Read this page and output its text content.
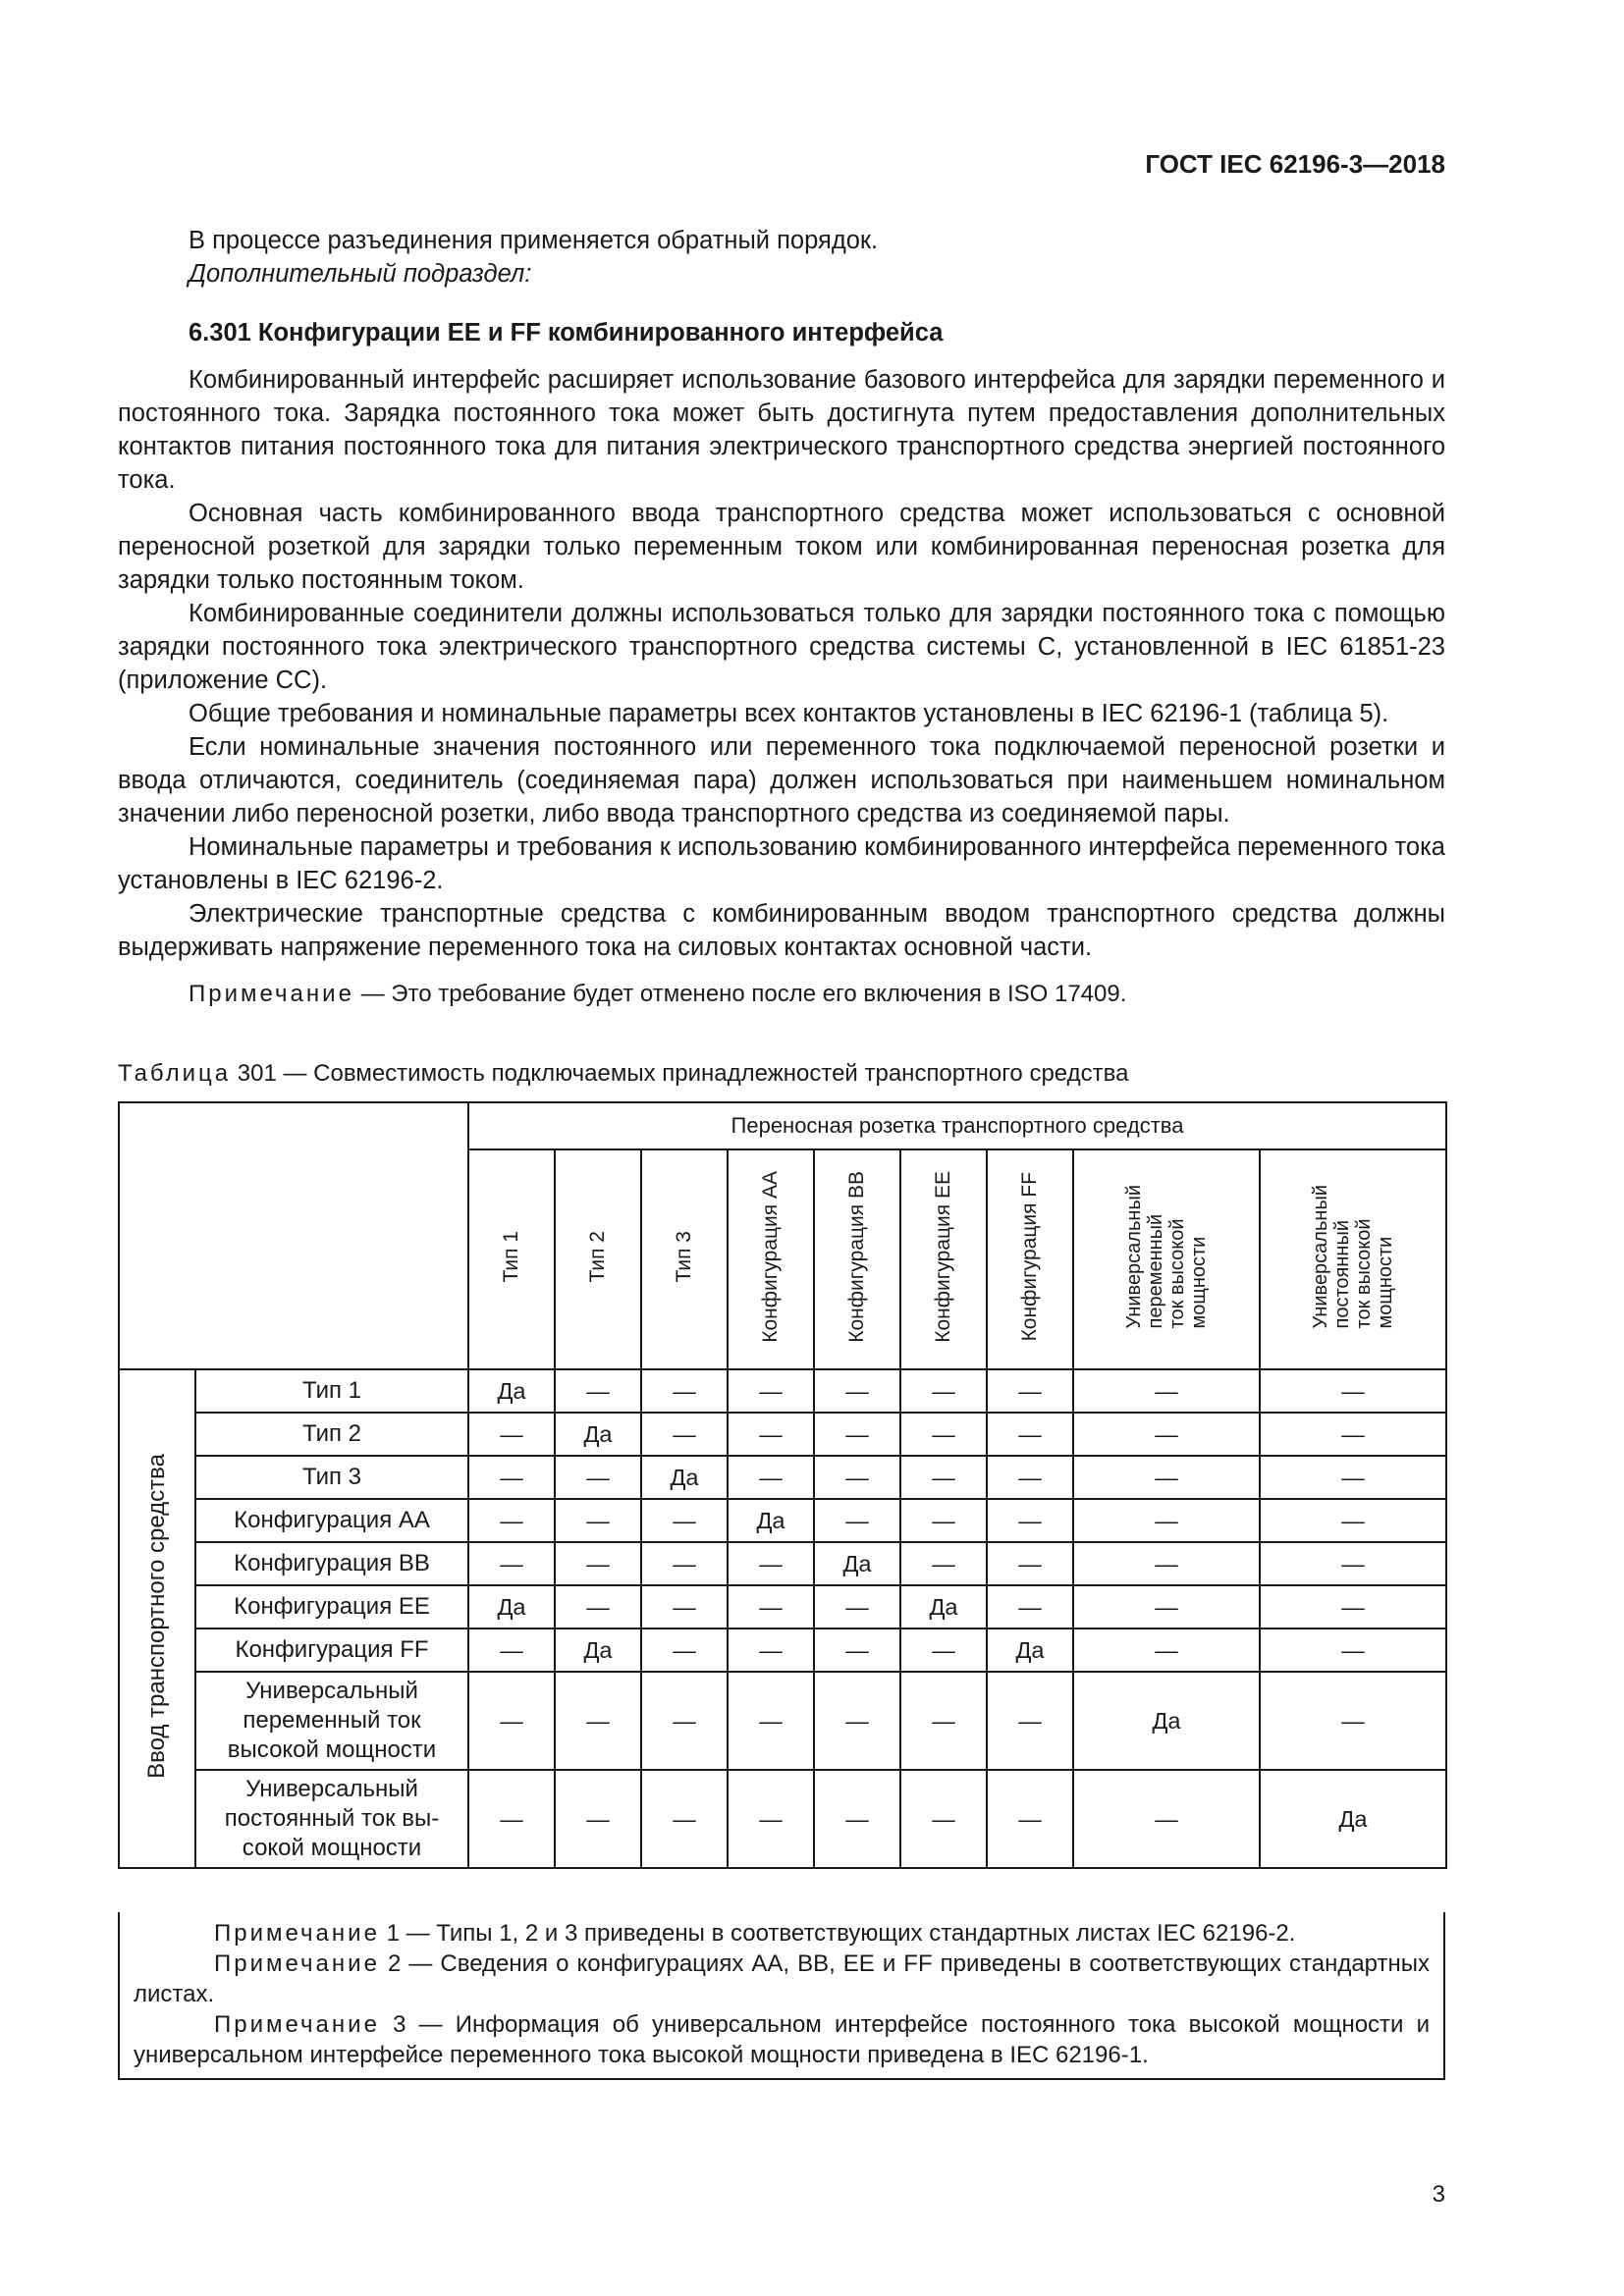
ГОСТ IEC 62196-3—2018

В процессе разъединения применяется обратный порядок.

Дополнительный подраздел:

6.301 Конфигурации EE и FF комбинированного интерфейса

Комбинированный интерфейс расширяет использование базового интерфейса для зарядки переменного и постоянного тока. Зарядка постоянного тока может быть достигнута путем предоставления дополнительных контактов питания постоянного тока для питания электрического транспортного средства энергией постоянного тока.

Основная часть комбинированного ввода транспортного средства может использоваться с основной переносной розеткой для зарядки только переменным током или комбинированная переносная розетка для зарядки только постоянным током.

Комбинированные соединители должны использоваться только для зарядки постоянного тока с помощью зарядки постоянного тока электрического транспортного средства системы С, установленной в IEC 61851-23 (приложение СС).

Общие требования и номинальные параметры всех контактов установлены в IEC 62196-1 (таблица 5).

Если номинальные значения постоянного или переменного тока подключаемой переносной розетки и ввода отличаются, соединитель (соединяемая пара) должен использоваться при наименьшем номинальном значении либо переносной розетки, либо ввода транспортного средства из соединяемой пары.

Номинальные параметры и требования к использованию комбинированного интерфейса переменного тока установлены в IEC 62196-2.

Электрические транспортные средства с комбинированным вводом транспортного средства должны выдерживать напряжение переменного тока на силовых контактах основной части.

Примечание — Это требование будет отменено после его включения в ISO 17409.

Таблица 301 — Совместимость подключаемых принадлежностей транспортного средства
		Переносная розетка транспортного средства								
		Тип 1	Тип 2	Тип 3	Конфигурация АА	Конфигурация ВВ	Конфигурация ЕЕ	Конфигурация FF	Универсальный
переменный
ток высокой
мощности	Универсальный
постоянный
ток высокой
мощности
Ввод транспортного средства	Тип 1	Да	—	—	—	—	—	—	—	—
	Тип 2	—	Да	—	—	—	—	—	—	—
	Тип 3	—	—	Да	—	—	—	—	—	—
	Конфигурация АА	—	—	—	Да	—	—	—	—	—
	Конфигурация ВВ	—	—	—	—	Да	—	—	—	—
	Конфигурация ЕЕ	Да	—	—	—	—	Да	—	—	—
	Конфигурация FF	—	Да	—	—	—	—	Да	—	—
	Универсальный
переменный ток
высокой мощности	—	—	—	—	—	—	—	Да	—
	Универсальный
постоянный ток вы-
сокой мощности	—	—	—	—	—	—	—	—	Да

Примечание 1 — Типы 1, 2 и 3 приведены в соответствующих стандартных листах IEC 62196-2.

Примечание 2 — Сведения о конфигурациях АА, ВВ, ЕЕ и FF приведены в соответствующих стандартных листах.

Примечание 3 — Информация об универсальном интерфейсе постоянного тока высокой мощности и универсальном интерфейсе переменного тока высокой мощности приведена в IEC 62196-1.

3
